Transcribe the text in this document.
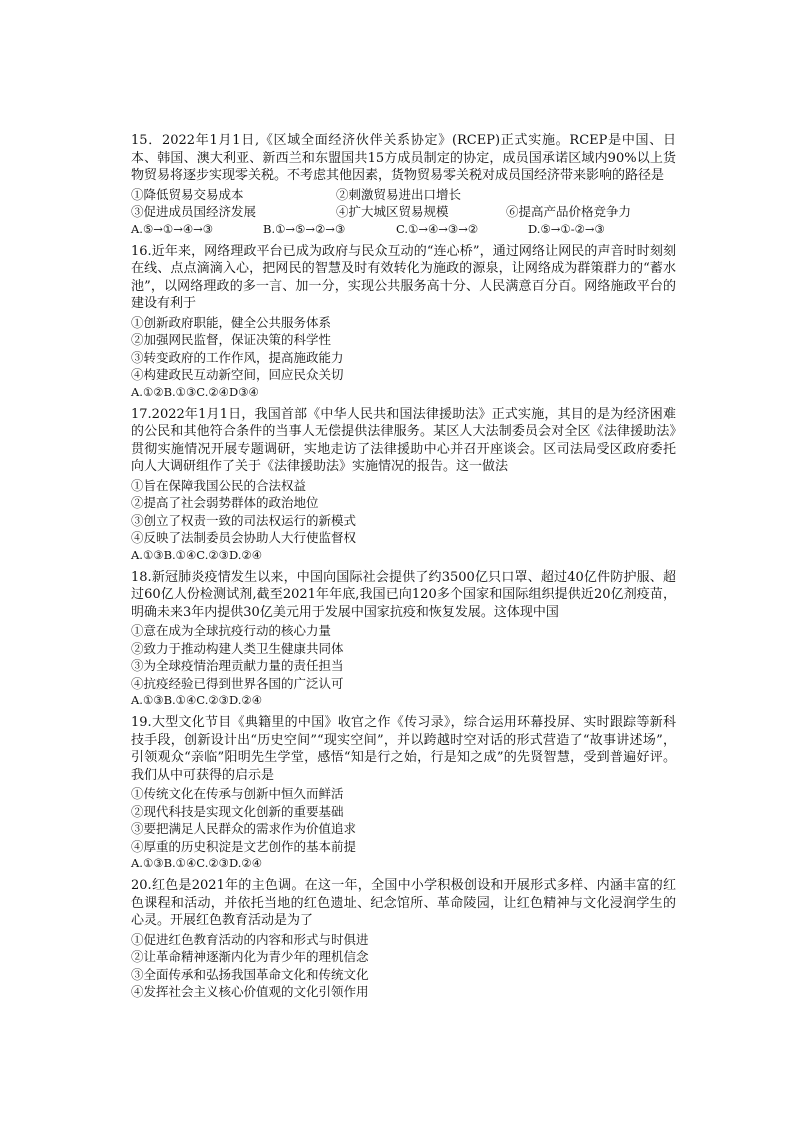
15．2022年1月1日,《区域全面经济伙伴关系协定》(RCEP)正式实施。RCEP是中国、日本、韩国、澳大利亚、新西兰和东盟国共15方成员制定的协定，成员国承诺区域内90%以上货物贸易将逐步实现零关税。不考虑其他因素，货物贸易零关税对成员国经济带来影响的路径是

①降低贸易交易成本	②刺激贸易进出口增长
③促进成员国经济发展	④扩大城区贸易规模	⑥提高产品价格竞争力

A.⑤→①→④→③	B.①→⑤→②→③	C.①→④→③→②	D.⑤→①-②→③

16.近年来，网络理政平台已成为政府与民众互动的“连心桥”，通过网络让网民的声音时时刻刻在线、点点滴滴入心，把网民的智慧及时有效转化为施政的源泉，让网络成为群策群力的“蓄水池”，以网络理政的多一言、加一分，实现公共服务高十分、人民满意百分百。网络施政平台的建设有利于

①创新政府职能，健全公共服务体系
②加强网民监督，保证决策的科学性
③转变政府的工作作风，提高施政能力
④构建政民互动新空间，回应民众关切

A.①②B.①③C.②④D③④

17.2022年1月1日，我国首部《中华人民共和国法律援助法》正式实施，其目的是为经济困难的公民和其他符合条件的当事人无偿提供法律服务。某区人大法制委员会对全区《法律援助法》贯彻实施情况开展专题调研，实地走访了法律援助中心并召开座谈会。区司法局受区政府委托向人大调研组作了关于《法律援助法》实施情况的报告。这一做法

①旨在保障我国公民的合法权益
②提高了社会弱势群体的政治地位
③创立了权责一致的司法权运行的新模式
④反映了法制委员会协助人大行使监督权

A.①③B.①④C.②③D.②④

18.新冠肺炎疫情发生以来，中国向国际社会提供了约3500亿只口罩、超过40亿件防护服、超过60亿人份检测试剂,截至2021年年底,我国已向120多个国家和国际组织提供近20亿剂疫苗，明确未来3年内提供30亿美元用于发展中国家抗疫和恢复发展。这体现中国

①意在成为全球抗疫行动的核心力量
②致力于推动构建人类卫生健康共同体
③为全球疫情治理贡献力量的责任担当
④抗疫经验已得到世界各国的广泛认可

A.①③B.①④C.②③D.②④

19.大型文化节目《典籍里的中国》收官之作《传习录》，综合运用环幕投屏、实时跟踪等新科技手段，创新设计出“历史空间”“现实空间”，并以跨越时空对话的形式营造了“故事讲述场”，引领观众“亲临”阳明先生学堂，感悟“知是行之始，行是知之成”的先贤智慧，受到普遍好评。我们从中可获得的启示是

①传统文化在传承与创新中恒久而鲜活
②现代科技是实现文化创新的重要基础
③要把满足人民群众的需求作为价值追求
④厚重的历史积淀是文艺创作的基本前提

A.①③B.①④C.②③D.②④

20.红色是2021年的主色调。在这一年，全国中小学积极创设和开展形式多样、内涵丰富的红色课程和活动，并依托当地的红色遗址、纪念馆所、革命陵园，让红色精神与文化浸润学生的心灵。开展红色教育活动是为了

①促进红色教育活动的内容和形式与时俱进
②让革命精神逐渐内化为青少年的理机信念
③全面传承和弘扬我国革命文化和传统文化
④发挥社会主义核心价值观的文化引领作用
